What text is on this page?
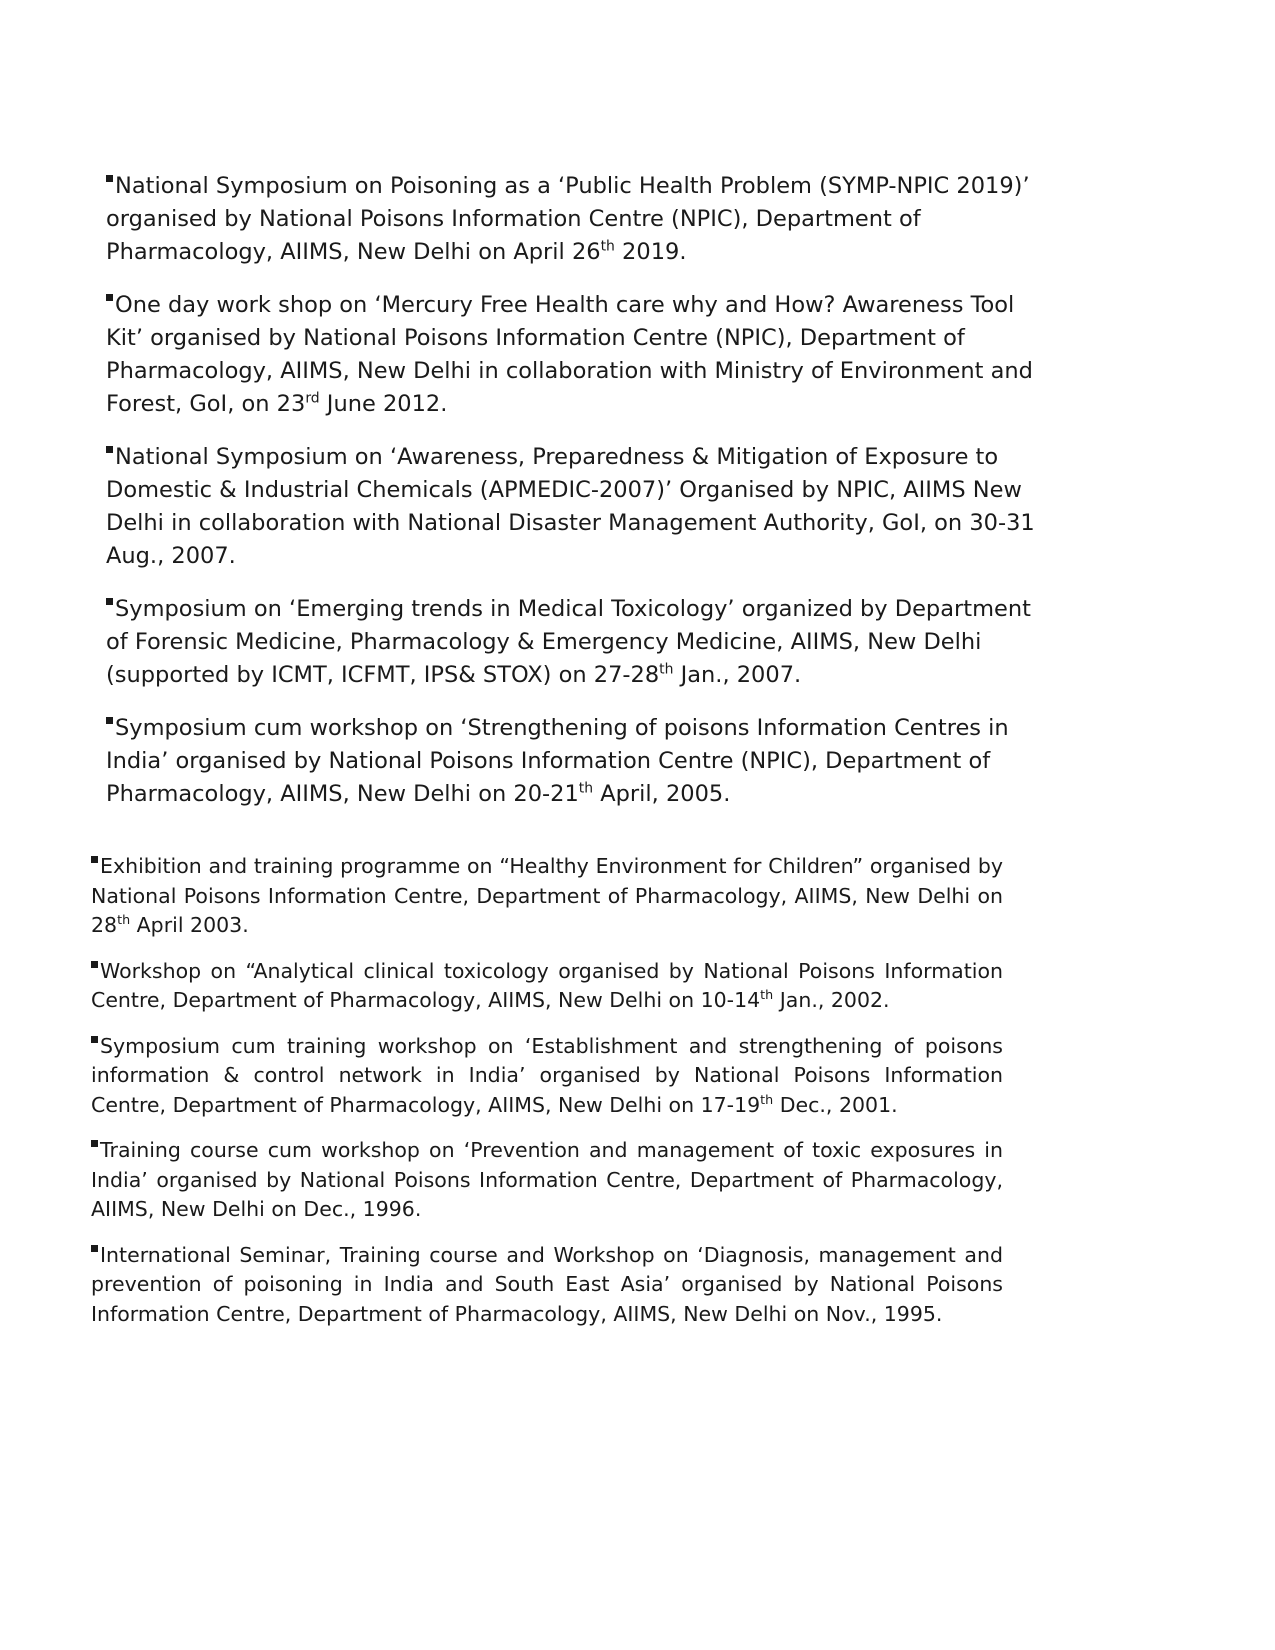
National Symposium on Poisoning as a ‘Public Health Problem (SYMP-NPIC 2019)’
organised by National Poisons Information Centre (NPIC), Department of
Pharmacology, AIIMS, New Delhi on April 26th 2019.
One day work shop on ‘Mercury Free Health care why and How? Awareness Tool
Kit’ organised by National Poisons Information Centre (NPIC), Department of
Pharmacology, AIIMS, New Delhi in collaboration with Ministry of Environment and
Forest, GoI, on 23rd June 2012.
National Symposium on ‘Awareness, Preparedness & Mitigation of Exposure to
Domestic & Industrial Chemicals (APMEDIC-2007)’ Organised by NPIC, AIIMS New
Delhi in collaboration with National Disaster Management Authority, GoI, on 30-31
Aug., 2007.
Symposium on ‘Emerging trends in Medical Toxicology’ organized by Department
of Forensic Medicine, Pharmacology & Emergency Medicine, AIIMS, New Delhi
(supported by ICMT, ICFMT, IPS& STOX) on 27-28th Jan., 2007.
Symposium cum workshop on ‘Strengthening of poisons Information Centres in
India’ organised by National Poisons Information Centre (NPIC), Department of
Pharmacology, AIIMS, New Delhi on 20-21th April, 2005.
Exhibition and training programme on “Healthy Environment for Children” organised by National Poisons Information Centre, Department of Pharmacology, AIIMS, New Delhi on 28th April 2003.
Workshop on “Analytical clinical toxicology organised by National Poisons Information Centre, Department of Pharmacology, AIIMS, New Delhi on 10-14th Jan., 2002.
Symposium cum training workshop on ‘Establishment and strengthening of poisons information & control network in India’ organised by National Poisons Information Centre, Department of Pharmacology, AIIMS, New Delhi on 17-19th Dec., 2001.
Training course cum workshop on ‘Prevention and management of toxic exposures in India’ organised by National Poisons Information Centre, Department of Pharmacology, AIIMS, New Delhi on Dec., 1996.
International Seminar, Training course and Workshop on ‘Diagnosis, management and prevention of poisoning in India and South East Asia’ organised by National Poisons Information Centre, Department of Pharmacology, AIIMS, New Delhi on Nov., 1995.
